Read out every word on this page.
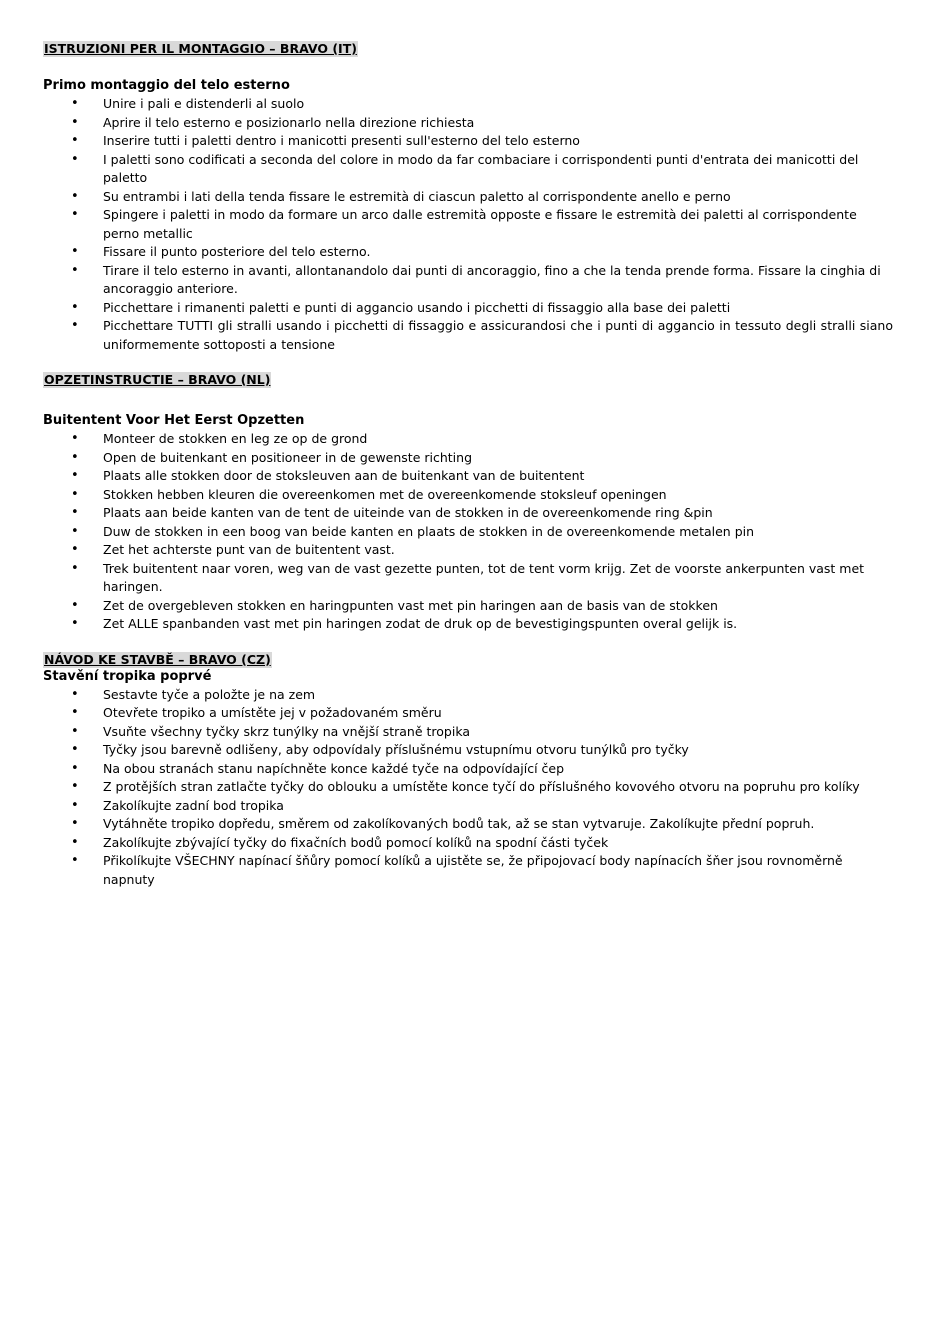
ISTRUZIONI PER IL MONTAGGIO – BRAVO (IT)
Primo montaggio del telo esterno
• Unire i pali e distenderli al suolo
• Aprire il telo esterno e posizionarlo nella direzione richiesta
• Inserire tutti i paletti dentro i manicotti presenti sull'esterno del telo esterno
• I paletti sono codificati a seconda del colore in modo da far combaciare i corrispondenti punti d'entrata dei manicotti del paletto
• Su entrambi i lati della tenda fissare le estremità di ciascun paletto al corrispondente anello e perno
• Spingere i paletti in modo da formare un arco dalle estremità opposte e fissare le estremità dei paletti al corrispondente perno metallic
• Fissare il punto posteriore del telo esterno.
• Tirare il telo esterno in avanti, allontanandolo dai punti di ancoraggio, fino a che la tenda prende forma. Fissare la cinghia di ancoraggio anteriore.
• Picchettare i rimanenti paletti e punti di aggancio usando i picchetti di fissaggio alla base dei paletti
• Picchettare TUTTI gli stralli usando i picchetti di fissaggio e assicurandosi che i punti di aggancio in tessuto degli stralli siano uniformemente sottoposti a tensione
OPZETINSTRUCTIE – BRAVO (NL)
Buitentent Voor Het Eerst Opzetten
• Monteer de stokken en leg ze op de grond
• Open de buitenkant en positioneer in de gewenste richting
• Plaats alle stokken door de stoksleuven aan de buitenkant van de buitentent
• Stokken hebben kleuren die overeenkomen met de overeenkomende stoksleuf openingen
• Plaats aan beide kanten van de tent de uiteinde van de stokken in de overeenkomende ring &pin
• Duw de stokken in een boog van beide kanten en plaats de stokken in de overeenkomende metalen pin
• Zet het achterste punt van de buitentent vast.
• Trek buitentent naar voren, weg van de vast gezette punten, tot de tent vorm krijg. Zet de voorste ankerpunten vast met haringen.
• Zet de overgebleven stokken en haringpunten vast met pin haringen aan de basis van de stokken
• Zet ALLE spanbanden vast met pin haringen zodat de druk op de bevestigingspunten overal gelijk is.
NÁVOD KE STAVBĚ – BRAVO (CZ)
Stavění tropika poprvé
• Sestavte tyče a položte je na zem
• Otevřete tropiko a umístěte jej v požadovaném směru
• Vsuňte všechny tyčky skrz tunýlky na vnější straně tropika
• Tyčky jsou barevně odlišeny, aby odpovídaly příslušnému vstupnímu otvoru tunýlků pro tyčky
• Na obou stranách stanu napíchněte konce každé tyče na odpovídající čep
• Z protějších stran zatlačte tyčky do oblouku a umístěte konce tyčí do příslušného kovového otvoru na popruhu pro kolíky
• Zakolíkujte zadní bod tropika
• Vytáhněte tropiko dopředu, směrem od zakolíkovaných bodů tak, až se stan vytvaruje. Zakolíkujte přední popruh.
• Zakolíkujte zbývající tyčky do fixačních bodů pomocí kolíků na spodní části tyček
• Přikolíkujte VŠECHNY napínací šňůry pomocí kolíků a ujistěte se, že připojovací body napínacích šňer jsou rovnoměrně napnuty
